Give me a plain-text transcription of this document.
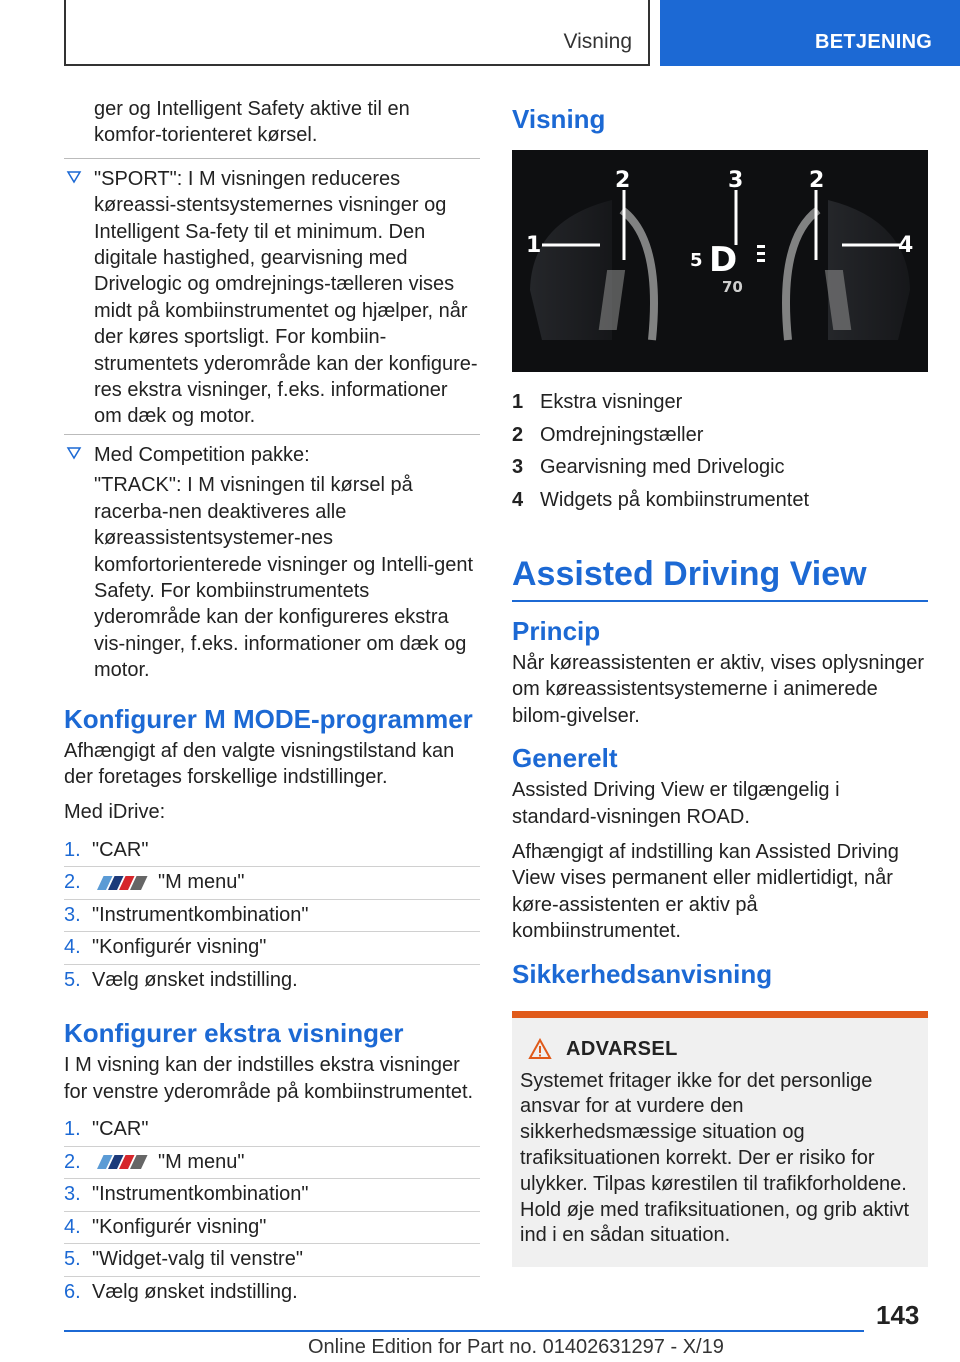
Visning	BETJENING

ger og Intelligent Safety aktive til en komfor-torienteret kørsel.

"SPORT": I M visningen reduceres køreassi-stentsystemernes visninger og Intelligent Sa-fety til et minimum. Den digitale hastighed, gearvisning med Drivelogic og omdrejnings-tælleren vises midt på kombiinstrumentet og hjælper, når der køres sportsligt. For kombiin-strumentets yderområde kan der konfigure-res ekstra visninger, f.eks. informationer om dæk og motor.
Med Competition pakke:
"TRACK": I M visningen til kørsel på racerba-nen deaktiveres alle køreassistentsystemer-nes komfortorienterede visninger og Intelli-gent Safety. For kombiinstrumentets yderområde kan der konfigureres ekstra vis-ninger, f.eks. informationer om dæk og motor.
Konfigurer M MODE-programmer

Afhængigt af den valgte visningstilstand kan der foretages forskellige indstillinger.

Med iDrive:

1. "CAR"
2.	"M menu"
3. "Instrumentkombination"
4. "Konfigurér visning"
5. Vælg ønsket indstilling.
Konfigurer ekstra visninger

I M visning kan der indstilles ekstra visninger for venstre yderområde på kombiinstrumentet.

1. "CAR"
2.	"M menu"
3. "Instrumentkombination"
4. "Konfigurér visning"
5. "Widget-valg til venstre"
6. Vælg ønsket indstilling.
Visning
5 D
70
1
2	3	2
4
1	Ekstra visninger
2	Omdrejningstæller
3	Gearvisning med Drivelogic
4	Widgets på kombiinstrumentet
Assisted Driving View
Princip

Når køreassistenten er aktiv, vises oplysninger om køreassistentsystemerne i animerede bilom-givelser.

Generelt

Assisted Driving View er tilgængelig i standard-visningen ROAD.

Afhængigt af indstilling kan Assisted Driving View vises permanent eller midlertidigt, når køre-assistenten er aktiv på kombiinstrumentet.

Sikkerhedsanvisning
ADVARSEL

Systemet fritager ikke for det personlige ansvar for at vurdere den sikkerhedsmæssige situation og trafiksituationen korrekt. Der er risiko for ulykker. Tilpas kørestilen til trafikforholdene.

Hold øje med trafiksituationen, og grib aktivt ind i en sådan situation.

143
Online Edition for Part no. 01402631297 - X/19
